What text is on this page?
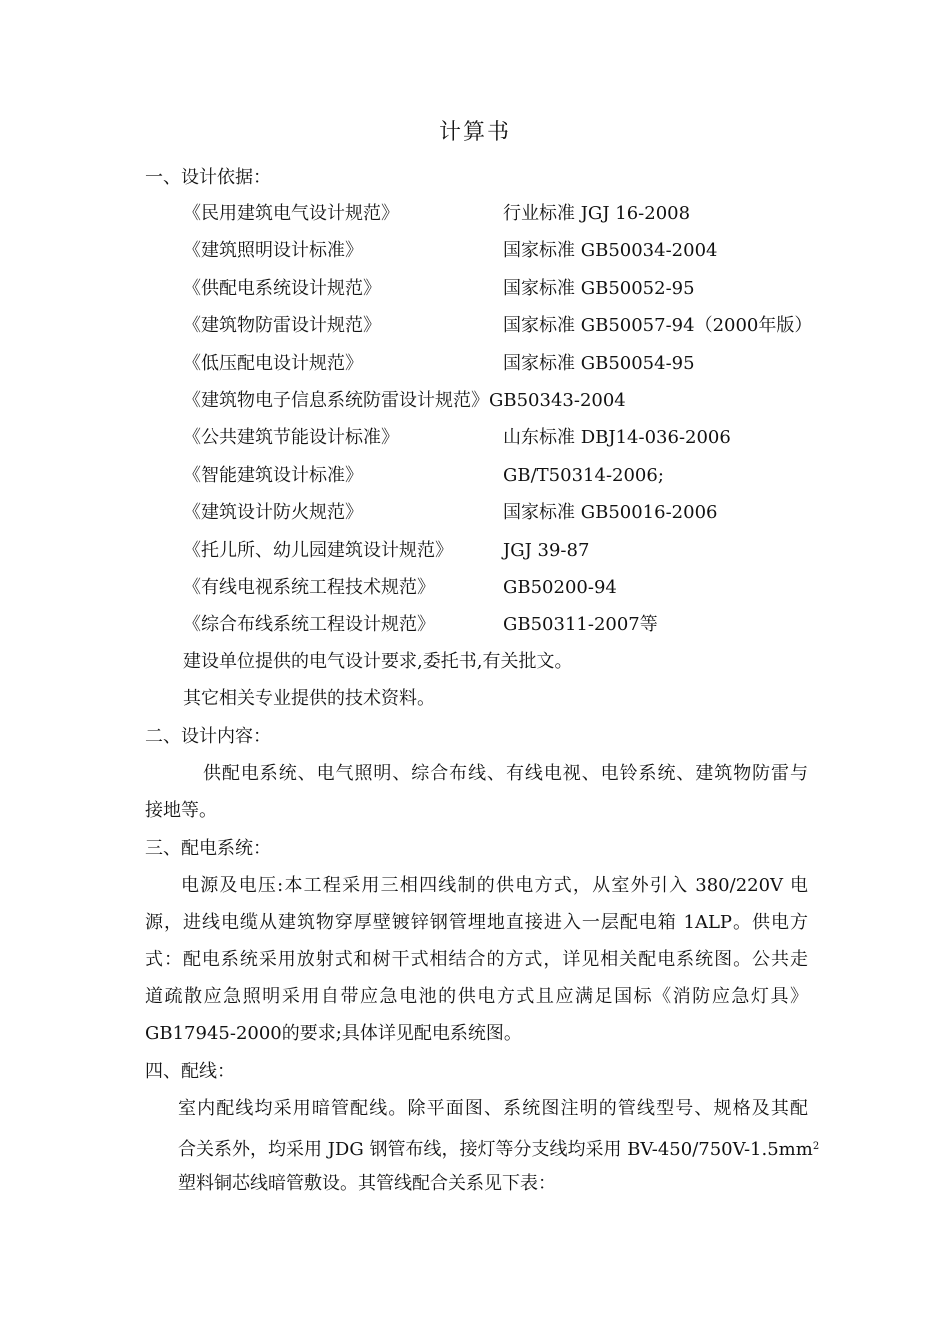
计算书
一、设计依据：
《民用建筑电气设计规范》	行业标准 JGJ 16-2008
《建筑照明设计标准》	国家标准 GB50034-2004
《供配电系统设计规范》	国家标准 GB50052-95
《建筑物防雷设计规范》	国家标准 GB50057-94（2000年版）
《低压配电设计规范》	国家标准 GB50054-95
《建筑物电子信息系统防雷设计规范》GB50343-2004
《公共建筑节能设计标准》	山东标准 DBJ14-036-2006
《智能建筑设计标准》	GB/T50314-2006;
《建筑设计防火规范》	国家标准 GB50016-2006
《托儿所、幼儿园建筑设计规范》	JGJ 39-87
《有线电视系统工程技术规范》	GB50200-94
《综合布线系统工程设计规范》	GB50311-2007等
建设单位提供的电气设计要求,委托书,有关批文。
其它相关专业提供的技术资料。
二、设计内容：
供配电系统、电气照明、综合布线、有线电视、电铃系统、建筑物防雷与
接地等。
三、配电系统：
电源及电压:本工程采用三相四线制的供电方式，从室外引入 380/220V 电
源，进线电缆从建筑物穿厚壁镀锌钢管埋地直接进入一层配电箱 1ALP。供电方
式：配电系统采用放射式和树干式相结合的方式，详见相关配电系统图。公共走
道疏散应急照明采用自带应急电池的供电方式且应满足国标《消防应急灯具》
GB17945-2000的要求;具体详见配电系统图。
四、配线：
室内配线均采用暗管配线。除平面图、系统图注明的管线型号、规格及其配
合关系外，均采用 JDG 钢管布线，接灯等分支线均采用 $BV-450/750V-1.5mm^2$
塑料铜芯线暗管敷设。其管线配合关系见下表：
